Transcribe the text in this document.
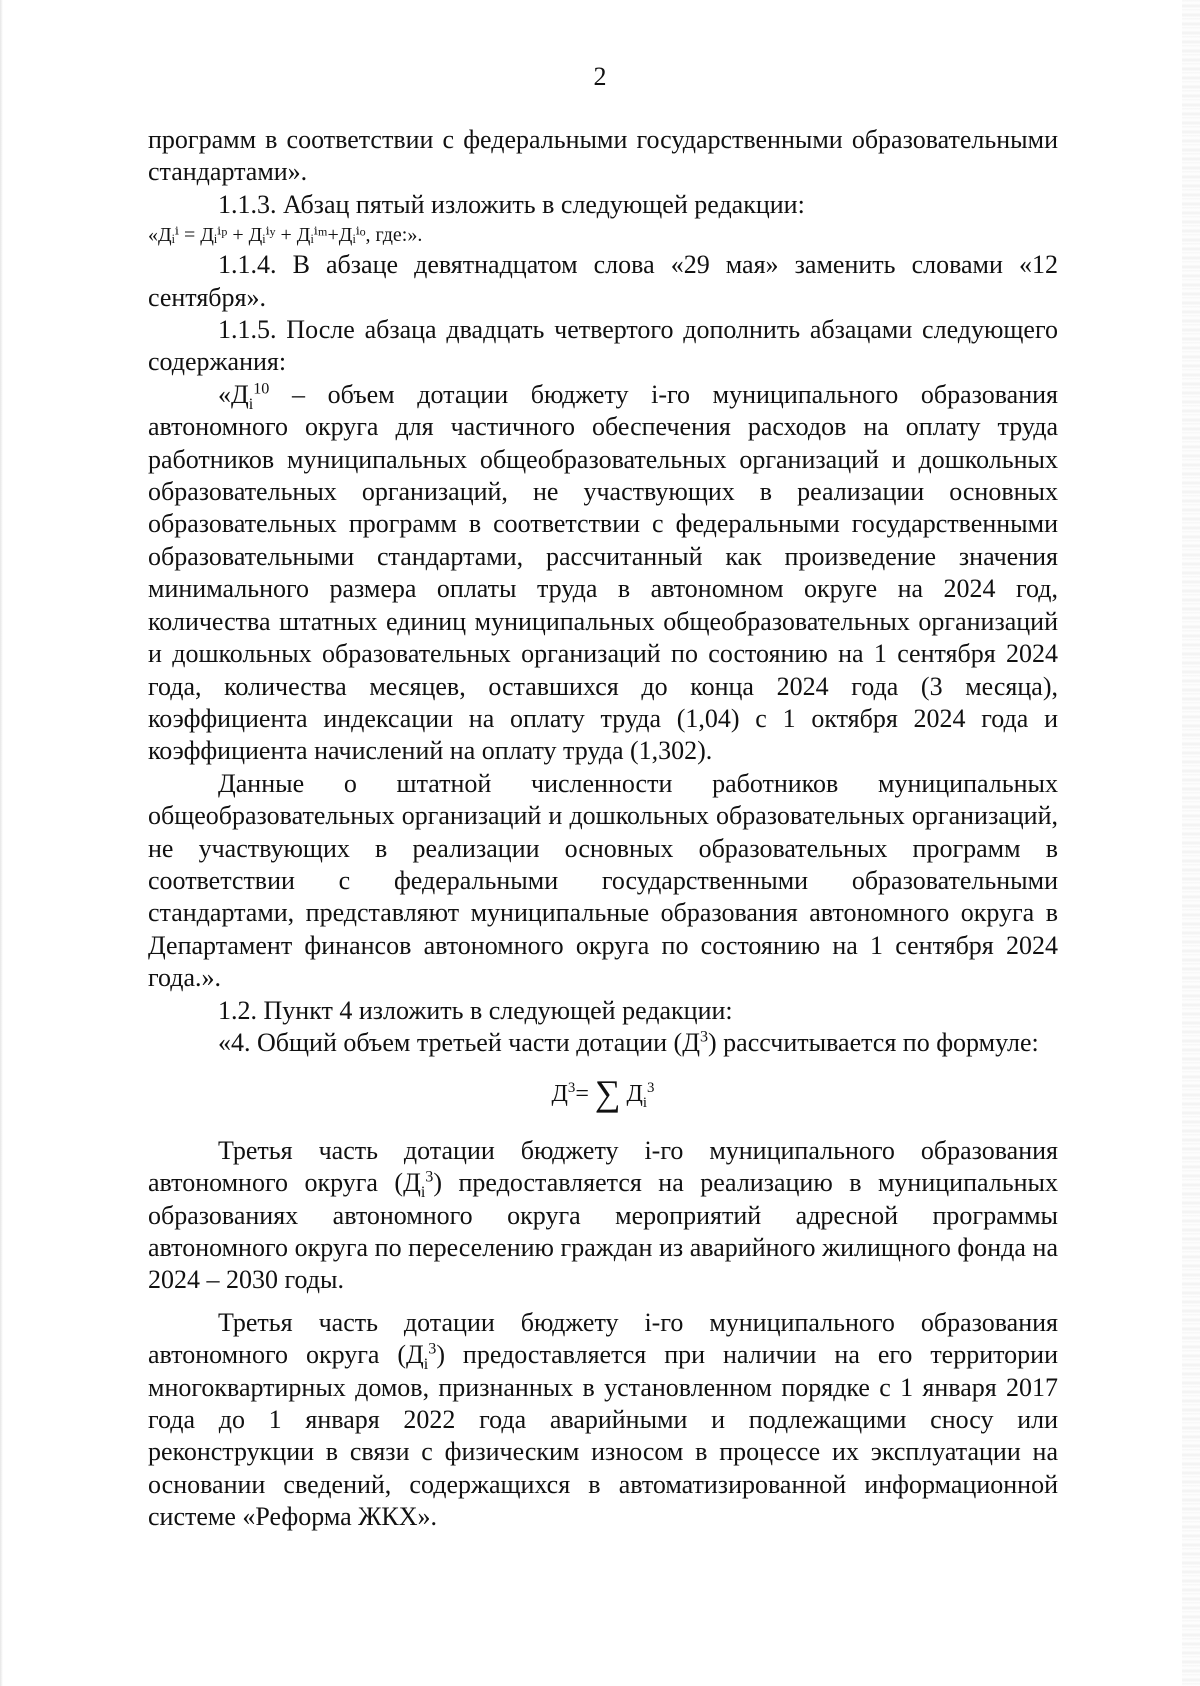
2

программ в соответствии с федеральными государственными образовательными стандартами».

1.1.3. Абзац пятый изложить в следующей редакции:

«Дᵢⁱ = Дᵢⁱᵖ + Дᵢⁱʸ + Дᵢⁱᵐ+Дᵢⁱᵒ, где:».

1.1.4. В абзаце девятнадцатом слова «29 мая» заменить словами «12 сентября».

1.1.5. После абзаца двадцать четвертого дополнить абзацами следующего содержания:

«$Д_i^{10}$ – объем дотации бюджету i-го муниципального образования автономного округа для частичного обеспечения расходов на оплату труда работников муниципальных общеобразовательных организаций и дошкольных образовательных организаций, не участвующих в реализации основных образовательных программ в соответствии с федеральными государственными образовательными стандартами, рассчитанный как произведение значения минимального размера оплаты труда в автономном округе на 2024 год, количества штатных единиц муниципальных общеобразовательных организаций и дошкольных образовательных организаций по состоянию на 1 сентября 2024 года, количества месяцев, оставшихся до конца 2024 года (3 месяца), коэффициента индексации на оплату труда (1,04) с 1 октября 2024 года и коэффициента начислений на оплату труда (1,302).

Данные о штатной численности работников муниципальных общеобразовательных организаций и дошкольных образовательных организаций, не участвующих в реализации основных образовательных программ в соответствии с федеральными государственными образовательными стандартами, представляют муниципальные образования автономного округа в Департамент финансов автономного округа по состоянию на 1 сентября 2024 года.».

1.2. Пункт 4 изложить в следующей редакции:

«4. Общий объем третьей части дотации $(Д^3)$ рассчитывается по формуле:

$Д^3=$ ∑ $Д_i^3$

Третья часть дотации бюджету i-го муниципального образования автономного округа $(Д_i^3)$ предоставляется на реализацию в муниципальных образованиях автономного округа мероприятий адресной программы автономного округа по переселению граждан из аварийного жилищного фонда на 2024 – 2030 годы.

Третья часть дотации бюджету i-го муниципального образования автономного округа $(Д_i^3)$ предоставляется при наличии на его территории многоквартирных домов, признанных в установленном порядке с 1 января 2017 года до 1 января 2022 года аварийными и подлежащими сносу или реконструкции в связи с физическим износом в процессе их эксплуатации на основании сведений, содержащихся в автоматизированной информационной системе «Реформа ЖКХ».
